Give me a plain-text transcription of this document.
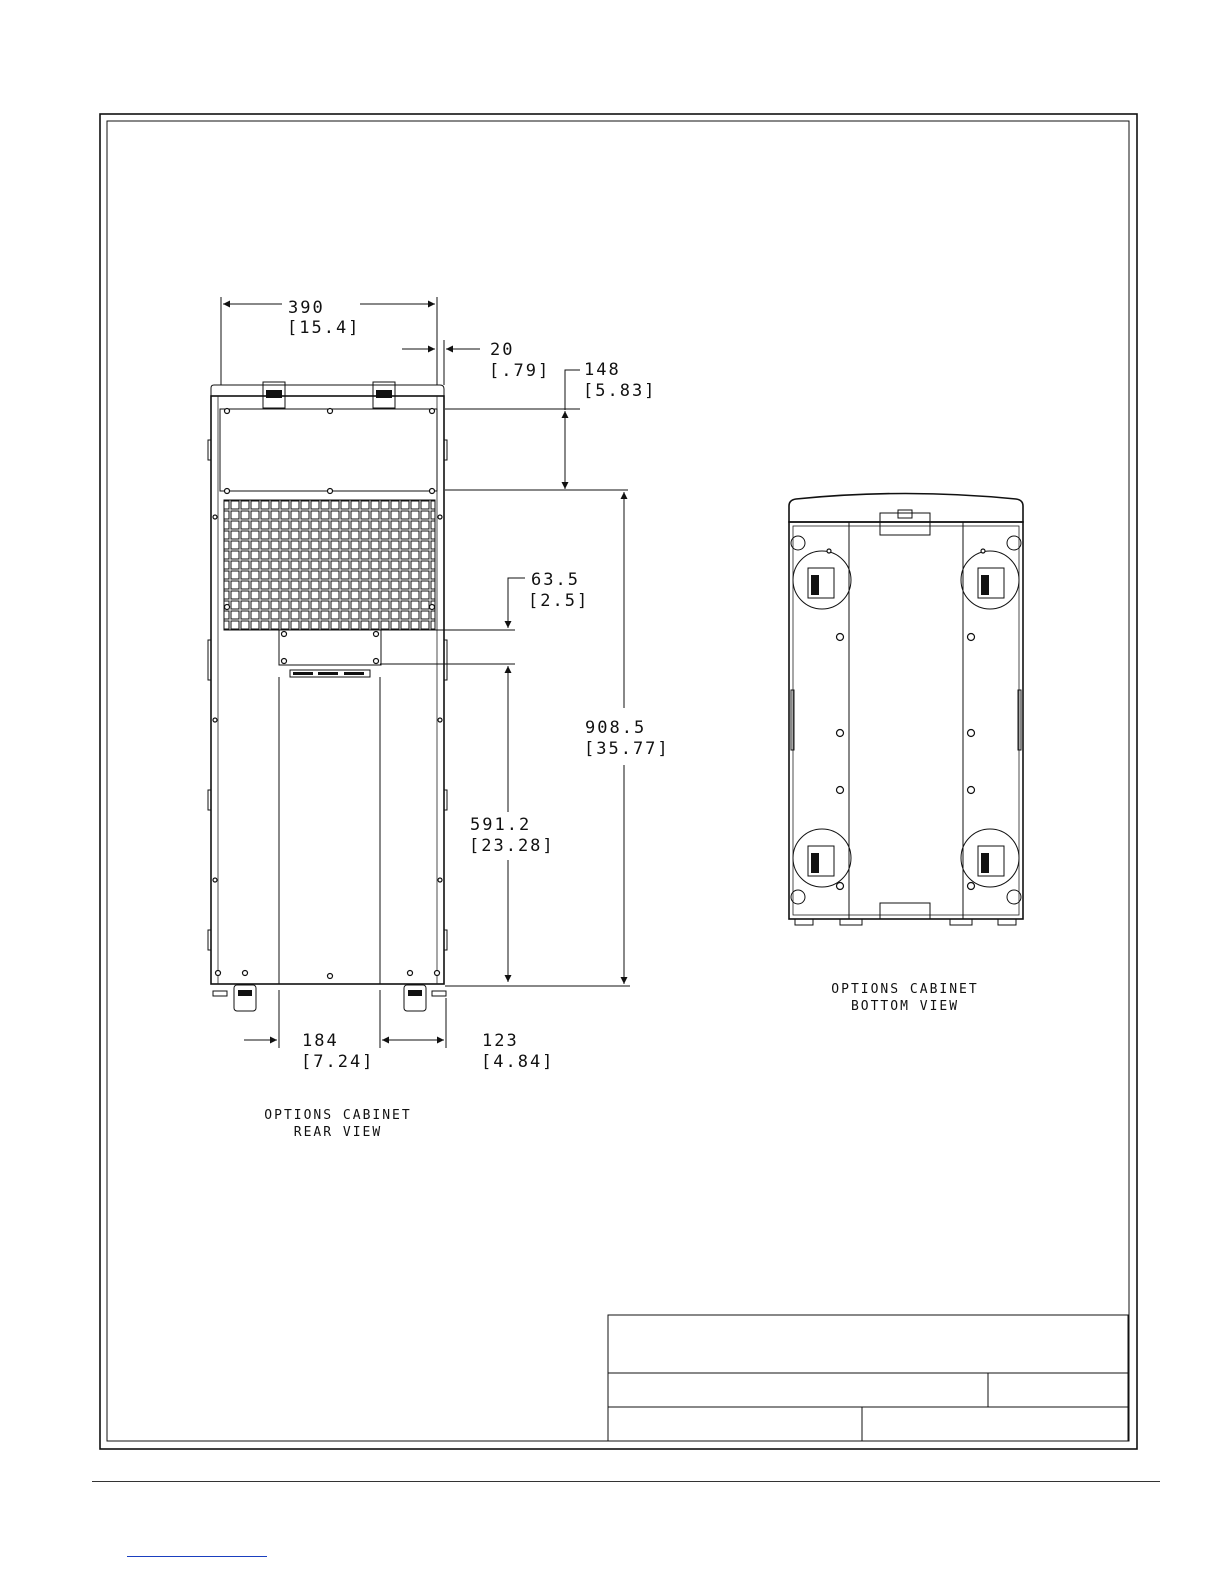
390
[15.4]
20
[.79] 148
[5.83]
63.5
[2.5]
908.5
[35.77]
591.2
[23.28]
184
[7.24]
123
[4.84]
OPTIONS CABINET
REAR VIEW
OPTIONS CABINET
BOTTOM VIEW
